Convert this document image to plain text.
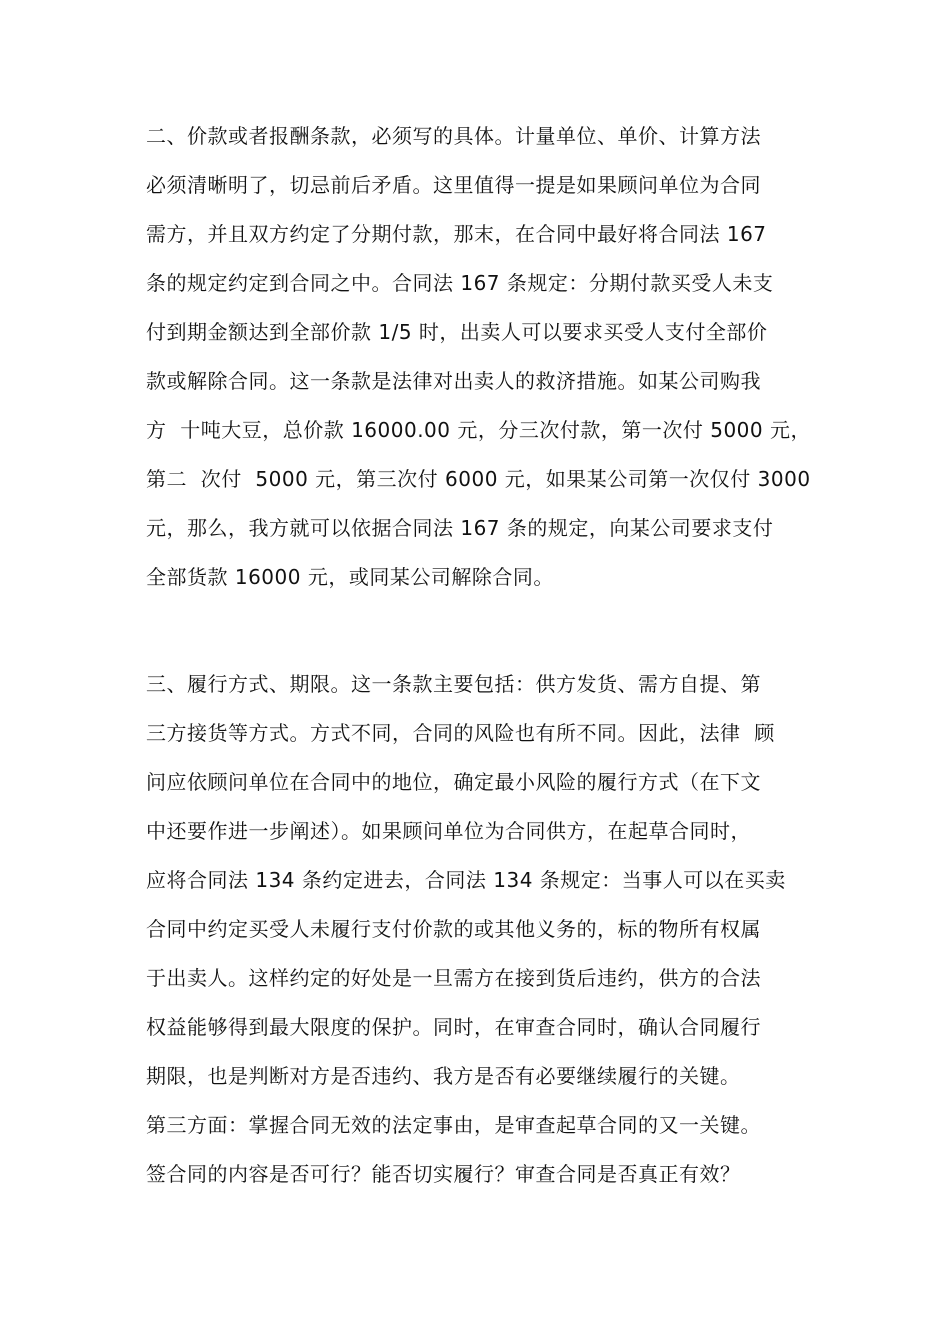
二、价款或者报酬条款，必须写的具体。计量单位、单价、计算方法
必须清晰明了，切忌前后矛盾。这里值得一提是如果顾问单位为合同
需方，并且双方约定了分期付款，那末，在合同中最好将合同法 167
条的规定约定到合同之中。合同法 167 条规定：分期付款买受人未支
付到期金额达到全部价款 1/5 时，出卖人可以要求买受人支付全部价
款或解除合同。这一条款是法律对出卖人的救济措施。如某公司购我
方  十吨大豆，总价款 16000.00 元，分三次付款，第一次付 5000 元，
第二  次付  5000 元，第三次付 6000 元，如果某公司第一次仅付 3000
元，那么，我方就可以依据合同法 167 条的规定，向某公司要求支付
全部货款 16000 元，或同某公司解除合同。
三、履行方式、期限。这一条款主要包括：供方发货、需方自提、第
三方接货等方式。方式不同，合同的风险也有所不同。因此，法律  顾
问应依顾问单位在合同中的地位，确定最小风险的履行方式（在下文
中还要作进一步阐述）。如果顾问单位为合同供方，在起草合同时，
应将合同法 134 条约定进去，合同法 134 条规定：当事人可以在买卖
合同中约定买受人未履行支付价款的或其他义务的，标的物所有权属
于出卖人。这样约定的好处是一旦需方在接到货后违约，供方的合法
权益能够得到最大限度的保护。同时，在审查合同时，确认合同履行
期限，也是判断对方是否违约、我方是否有必要继续履行的关键。
第三方面：掌握合同无效的法定事由，是审查起草合同的又一关键。
签合同的内容是否可行？能否切实履行？审查合同是否真正有效？
